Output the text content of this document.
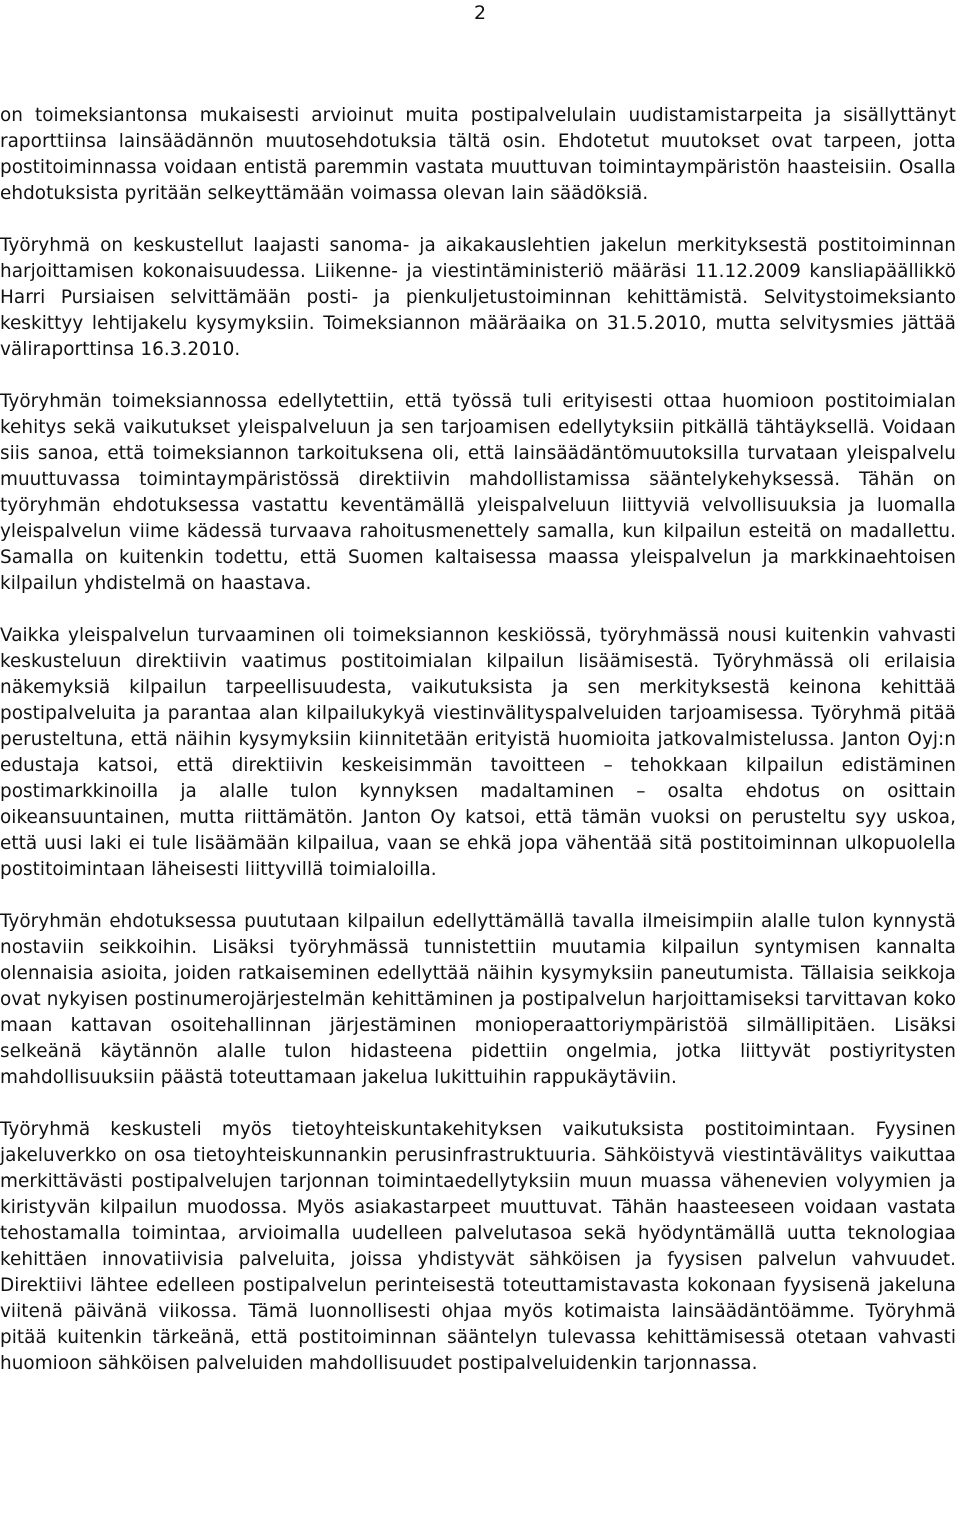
2

on toimeksiantonsa mukaisesti arvioinut muita postipalvelulain uudistamistarpeita ja sisällyttänyt raporttiinsa lainsäädännön muutosehdotuksia tältä osin. Ehdotetut muutokset ovat tarpeen, jotta postitoiminnassa voidaan entistä paremmin vastata muuttuvan toimintaympäristön haasteisiin. Osalla ehdotuksista pyritään selkeyttämään voimassa olevan lain säädöksiä.

Työryhmä on keskustellut laajasti sanoma- ja aikakauslehtien jakelun merkityksestä postitoiminnan harjoittamisen kokonaisuudessa. Liikenne- ja viestintäministeriö määräsi 11.12.2009 kansliapäällikkö Harri Pursiaisen selvittämään posti- ja pienkuljetustoiminnan kehittämistä. Selvitystoimeksianto keskittyy lehtijakelu kysymyksiin. Toimeksiannon määräaika on 31.5.2010, mutta selvitysmies jättää väliraporttinsa 16.3.2010.

Työryhmän toimeksiannossa edellytettiin, että työssä tuli erityisesti ottaa huomioon postitoimialan kehitys sekä vaikutukset yleispalveluun ja sen tarjoamisen edellytyksiin pitkällä tähtäyksellä. Voidaan siis sanoa, että toimeksiannon tarkoituksena oli, että lainsäädäntömuutoksilla turvataan yleispalvelu muuttuvassa toimintaympäristössä direktiivin mahdollistamissa sääntelykehyksessä. Tähän on työryhmän ehdotuksessa vastattu keventämällä yleispalveluun liittyviä velvollisuuksia ja luomalla yleispalvelun viime kädessä turvaava rahoitusmenettely samalla, kun kilpailun esteitä on madallettu. Samalla on kuitenkin todettu, että Suomen kaltaisessa maassa yleispalvelun ja markkinaehtoisen kilpailun yhdistelmä on haastava.

Vaikka yleispalvelun turvaaminen oli toimeksiannon keskiössä, työryhmässä nousi kuitenkin vahvasti keskusteluun direktiivin vaatimus postitoimialan kilpailun lisäämisestä. Työryhmässä oli erilaisia näkemyksiä kilpailun tarpeellisuudesta, vaikutuksista ja sen merkityksestä keinona kehittää postipalveluita ja parantaa alan kilpailukykyä viestinvälityspalveluiden tarjoamisessa. Työryhmä pitää perusteltuna, että näihin kysymyksiin kiinnitetään erityistä huomioita jatkovalmistelussa. Janton Oyj:n edustaja katsoi, että direktiivin keskeisimmän tavoitteen – tehokkaan kilpailun edistäminen postimarkkinoilla ja alalle tulon kynnyksen madaltaminen – osalta ehdotus on osittain oikeansuuntainen, mutta riittämätön. Janton Oy katsoi, että tämän vuoksi on perusteltu syy uskoa, että uusi laki ei tule lisäämään kilpailua, vaan se ehkä jopa vähentää sitä postitoiminnan ulkopuolella postitoimintaan läheisesti liittyvillä toimialoilla.

Työryhmän ehdotuksessa puututaan kilpailun edellyttämällä tavalla ilmeisimpiin alalle tulon kynnystä nostaviin seikkoihin. Lisäksi työryhmässä tunnistettiin muutamia kilpailun syntymisen kannalta olennaisia asioita, joiden ratkaiseminen edellyttää näihin kysymyksiin paneutumista. Tällaisia seikkoja ovat nykyisen postinumerojärjestelmän kehittäminen ja postipalvelun harjoittamiseksi tarvittavan koko maan kattavan osoitehallinnan järjestäminen monioperaattoriympäristöä silmällipitäen. Lisäksi selkeänä käytännön alalle tulon hidasteena pidettiin ongelmia, jotka liittyvät postiyritysten mahdollisuuksiin päästä toteuttamaan jakelua lukittuihin rappukäytäviin.

Työryhmä keskusteli myös tietoyhteiskuntakehityksen vaikutuksista postitoimintaan. Fyysinen jakeluverkko on osa tietoyhteiskunnankin perusinfrastruktuuria. Sähköistyvä viestintävälitys vaikuttaa merkittävästi postipalvelujen tarjonnan toimintaedellytyksiin muun muassa vähenevien volyymien ja kiristyvän kilpailun muodossa. Myös asiakastarpeet muuttuvat. Tähän haasteeseen voidaan vastata tehostamalla toimintaa, arvioimalla uudelleen palvelutasoa sekä hyödyntämällä uutta teknologiaa kehittäen innovatiivisia palveluita, joissa yhdistyvät sähköisen ja fyysisen palvelun vahvuudet. Direktiivi lähtee edelleen postipalvelun perinteisestä toteuttamistavasta kokonaan fyysisenä jakeluna viitenä päivänä viikossa. Tämä luonnollisesti ohjaa myös kotimaista lainsäädäntöämme. Työryhmä pitää kuitenkin tärkeänä, että postitoiminnan sääntelyn tulevassa kehittämisessä otetaan vahvasti huomioon sähköisen palveluiden mahdollisuudet postipalveluidenkin tarjonnassa.
